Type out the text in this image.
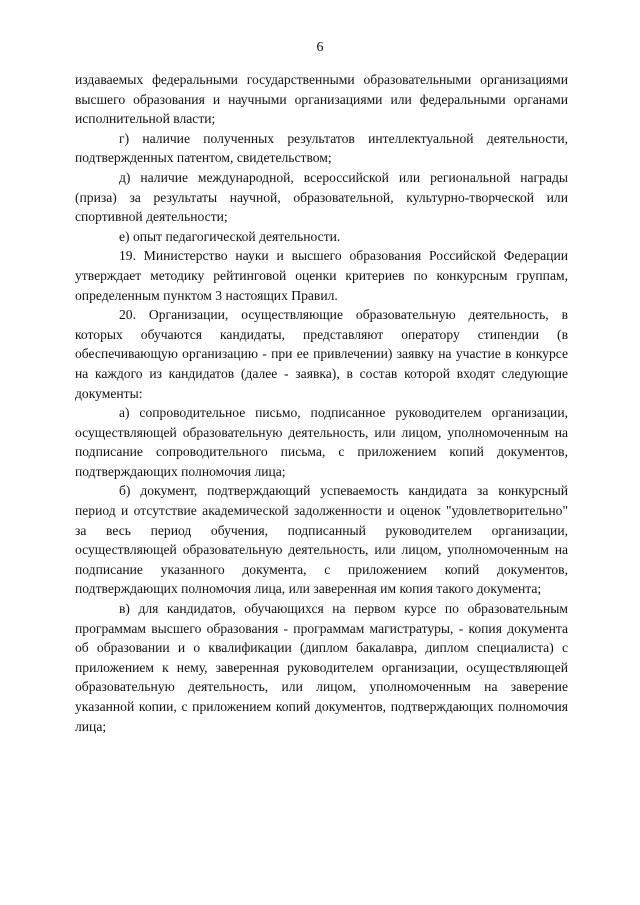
6

издаваемых федеральными государственными образовательными организациями высшего образования и научными организациями или федеральными органами исполнительной власти;

г) наличие полученных результатов интеллектуальной деятельности, подтвержденных патентом, свидетельством;

д) наличие международной, всероссийской или региональной награды (приза) за результаты научной, образовательной, культурно-творческой или спортивной деятельности;

е) опыт педагогической деятельности.

19. Министерство науки и высшего образования Российской Федерации утверждает методику рейтинговой оценки критериев по конкурсным группам, определенным пунктом 3 настоящих Правил.

20. Организации, осуществляющие образовательную деятельность, в которых обучаются кандидаты, представляют оператору стипендии (в обеспечивающую организацию - при ее привлечении) заявку на участие в конкурсе на каждого из кандидатов (далее - заявка), в состав которой входят следующие документы:

а) сопроводительное письмо, подписанное руководителем организации, осуществляющей образовательную деятельность, или лицом, уполномоченным на подписание сопроводительного письма, с приложением копий документов, подтверждающих полномочия лица;

б) документ, подтверждающий успеваемость кандидата за конкурсный период и отсутствие академической задолженности и оценок "удовлетворительно" за весь период обучения, подписанный руководителем организации, осуществляющей образовательную деятельность, или лицом, уполномоченным на подписание указанного документа, с приложением копий документов, подтверждающих полномочия лица, или заверенная им копия такого документа;

в) для кандидатов, обучающихся на первом курсе по образовательным программам высшего образования - программам магистратуры, - копия документа об образовании и о квалификации (диплом бакалавра, диплом специалиста) с приложением к нему, заверенная руководителем организации, осуществляющей образовательную деятельность, или лицом, уполномоченным на заверение указанной копии, с приложением копий документов, подтверждающих полномочия лица;
